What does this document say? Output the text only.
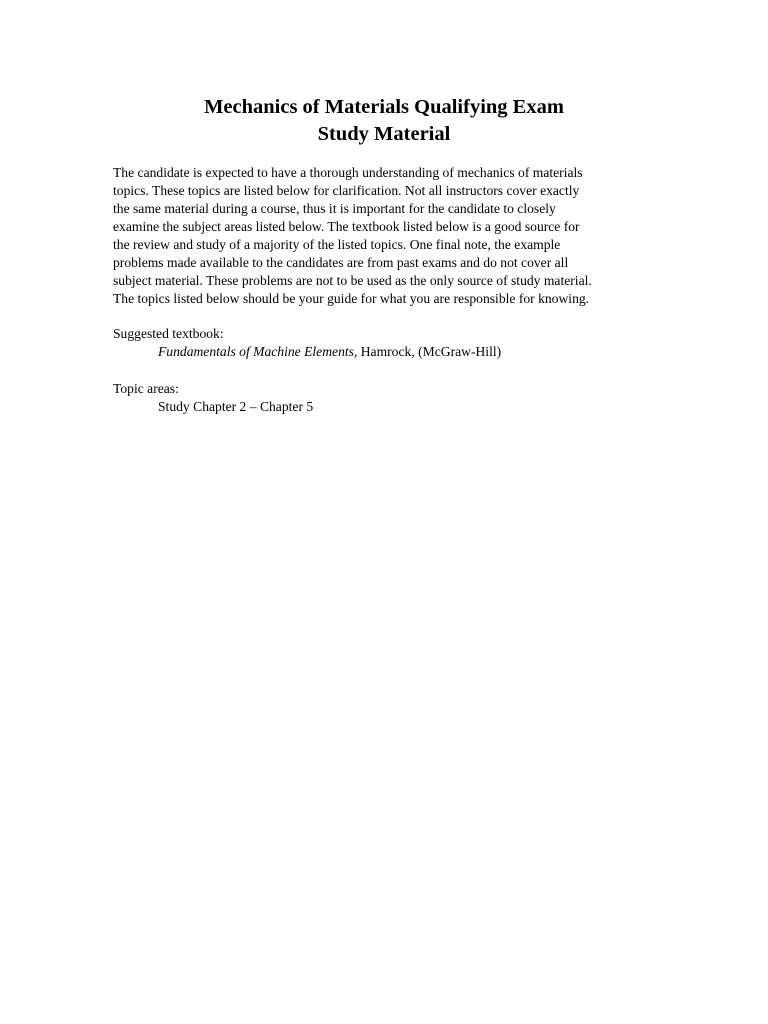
Mechanics of Materials Qualifying Exam
Study Material
The candidate is expected to have a thorough understanding of mechanics of materials
topics. These topics are listed below for clarification. Not all instructors cover exactly
the same material during a course, thus it is important for the candidate to closely
examine the subject areas listed below. The textbook listed below is a good source for
the review and study of a majority of the listed topics. One final note, the example
problems made available to the candidates are from past exams and do not cover all
subject material. These problems are not to be used as the only source of study material.
The topics listed below should be your guide for what you are responsible for knowing.
Suggested textbook:
Fundamentals of Machine Elements, Hamrock, (McGraw-Hill)
Topic areas:
Study Chapter 2 – Chapter 5
